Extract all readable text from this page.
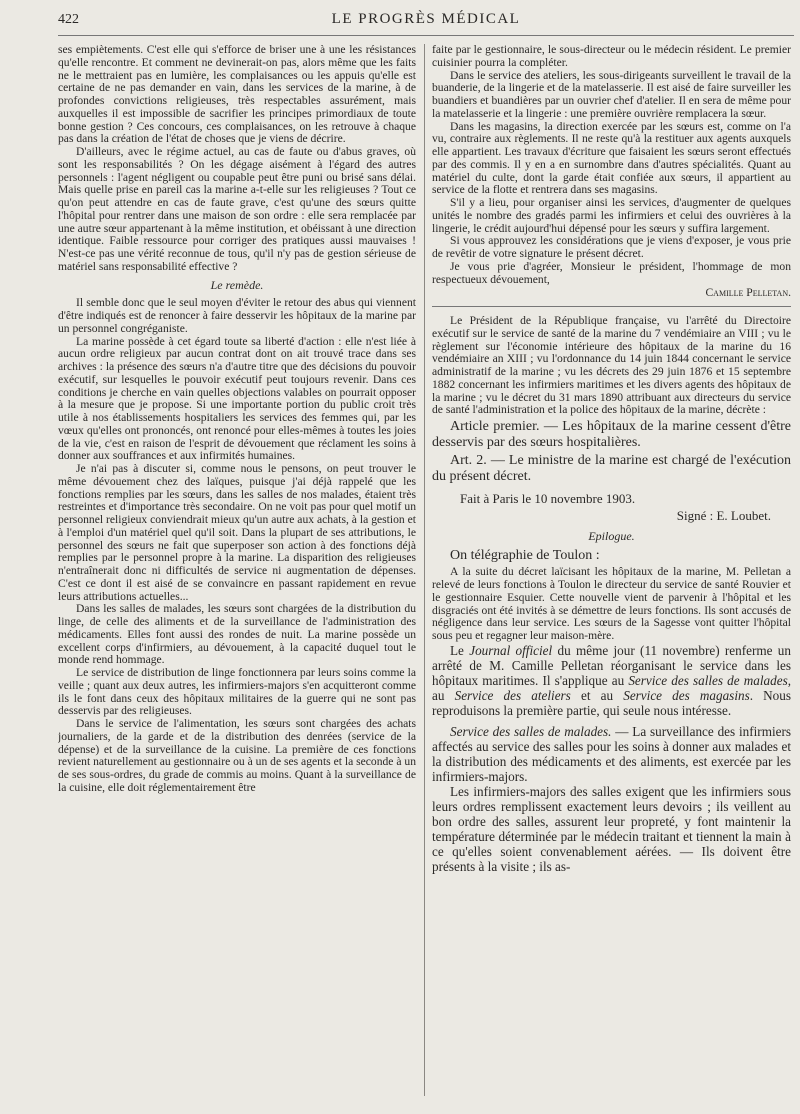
422	LE PROGRÈS MÉDICAL

ses empiètements. C'est elle qui s'efforce de briser une à une les résistances qu'elle rencontre. Et comment ne devinerait-on pas, alors même que les faits ne le mettraient pas en lumière, les complaisances ou les appuis qu'elle est certaine de ne pas demander en vain, dans les services de la marine, à de profondes convictions religieuses, très respectables assurément, mais auxquelles il est impossible de sacrifier les principes primordiaux de toute bonne gestion ? Ces concours, ces complaisances, on les retrouve à chaque pas dans la création de l'état de choses que je viens de décrire.

D'ailleurs, avec le régime actuel, au cas de faute ou d'abus graves, où sont les responsabilités ? On les dégage aisément à l'égard des autres personnels : l'agent négligent ou coupable peut être puni ou brisé sans délai. Mais quelle prise en pareil cas la marine a-t-elle sur les religieuses ? Tout ce qu'on peut attendre en cas de faute grave, c'est qu'une des sœurs quitte l'hôpital pour rentrer dans une maison de son ordre : elle sera remplacée par une autre sœur appartenant à la même institution, et obéissant à une direction identique. Faible ressource pour corriger des pratiques aussi mauvaises ! N'est-ce pas une vérité reconnue de tous, qu'il n'y pas de gestion sérieuse de matériel sans responsabilité effective ?

Le remède.

Il semble donc que le seul moyen d'éviter le retour des abus qui viennent d'être indiqués est de renoncer à faire desservir les hôpitaux de la marine par un personnel congréganiste.

La marine possède à cet égard toute sa liberté d'action : elle n'est liée à aucun ordre religieux par aucun contrat dont on ait trouvé trace dans ses archives : la présence des sœurs n'a d'autre titre que des décisions du pouvoir exécutif, sur lesquelles le pouvoir exécutif peut toujours revenir. Dans ces conditions je cherche en vain quelles objections valables on pourrait opposer à la mesure que je propose. Si une importante portion du public croit très utile à nos établissements hospitaliers les services des femmes qui, par les vœux qu'elles ont prononcés, ont renoncé pour elles-mêmes à toutes les joies de la vie, c'est en raison de l'esprit de dévouement que réclament les soins à donner aux souffrances et aux infirmités humaines.

Je n'ai pas à discuter si, comme nous le pensons, on peut trouver le même dévouement chez des laïques, puisque j'ai déjà rappelé que les fonctions remplies par les sœurs, dans les salles de nos malades, étaient très restreintes et d'importance très secondaire. On ne voit pas pour quel motif un personnel religieux conviendrait mieux qu'un autre aux achats, à la gestion et à l'emploi d'un matériel quel qu'il soit. Dans la plupart de ses attributions, le personnel des sœurs ne fait que superposer son action à des fonctions déjà remplies par le personnel propre à la marine. La disparition des religieuses n'entraînerait donc ni difficultés de service ni augmentation de dépenses. C'est ce dont il est aisé de se convaincre en passant rapidement en revue leurs attributions actuelles...

Dans les salles de malades, les sœurs sont chargées de la distribution du linge, de celle des aliments et de la surveillance de l'administration des médicaments. Elles font aussi des rondes de nuit. La marine possède un excellent corps d'infirmiers, au dévouement, à la capacité duquel tout le monde rend hommage.

Le service de distribution de linge fonctionnera par leurs soins comme la veille ; quant aux deux autres, les infirmiers-majors s'en acquitteront comme ils le font dans ceux des hôpitaux militaires de la guerre qui ne sont pas desservis par des religieuses.

Dans le service de l'alimentation, les sœurs sont chargées des achats journaliers, de la garde et de la distribution des denrées (service de la dépense) et de la surveillance de la cuisine. La première de ces fonctions revient naturellement au gestionnaire ou à un de ses agents et la seconde à un de ses sous-ordres, du grade de commis au moins. Quant à la surveillance de la cuisine, elle doit réglementairement être

faite par le gestionnaire, le sous-directeur ou le médecin résident. Le premier cuisinier pourra la compléter.

Dans le service des ateliers, les sous-dirigeants surveillent le travail de la buanderie, de la lingerie et de la matelasserie. Il est aisé de faire surveiller les buandiers et buandières par un ouvrier chef d'atelier. Il en sera de même pour la matelasserie et la lingerie : une première ouvrière remplacera la sœur.

Dans les magasins, la direction exercée par les sœurs est, comme on l'a vu, contraire aux règlements. Il ne reste qu'à la restituer aux agents auxquels elle appartient. Les travaux d'écriture que faisaient les sœurs seront effectués par des commis. Il y en a en surnombre dans d'autres spécialités. Quant au matériel du culte, dont la garde était confiée aux sœurs, il appartient au service de la flotte et rentrera dans ses magasins.

S'il y a lieu, pour organiser ainsi les services, d'augmenter de quelques unités le nombre des gradés parmi les infirmiers et celui des ouvrières à la lingerie, le crédit aujourd'hui dépensé pour les sœurs y suffira largement.

Si vous approuvez les considérations que je viens d'exposer, je vous prie de revêtir de votre signature le présent décret.

Je vous prie d'agréer, Monsieur le président, l'hommage de mon respectueux dévouement,

Camille Pelletan.

Le Président de la République française, vu l'arrêté du Directoire exécutif sur le service de santé de la marine du 7 vendémiaire an VIII ; vu le règlement sur l'économie intérieure des hôpitaux de la marine du 16 vendémiaire an XIII ; vu l'ordonnance du 14 juin 1844 concernant le service administratif de la marine ; vu les décrets des 29 juin 1876 et 15 septembre 1882 concernant les infirmiers maritimes et les divers agents des hôpitaux de la marine ; vu le décret du 31 mars 1890 attribuant aux directeurs du service de santé l'administration et la police des hôpitaux de la marine, décrète :

Article premier. — Les hôpitaux de la marine cessent d'être desservis par des sœurs hospitalières.

Art. 2. — Le ministre de la marine est chargé de l'exécution du présent décret.

Fait à Paris le 10 novembre 1903.

Signé : E. Loubet.

Epilogue.

On télégraphie de Toulon :

A la suite du décret laïcisant les hôpitaux de la marine, M. Pelletan a relevé de leurs fonctions à Toulon le directeur du service de santé Rouvier et le gestionnaire Esquier. Cette nouvelle vient de parvenir à l'hôpital et les disgraciés ont été invités à se démettre de leurs fonctions. Ils sont accusés de négligence dans leur service. Les sœurs de la Sagesse vont quitter l'hôpital sous peu et regagner leur maison-mère.

Le Journal officiel du même jour (11 novembre) renferme un arrêté de M. Camille Pelletan réorganisant le service dans les hôpitaux maritimes. Il s'applique au Service des salles de malades, au Service des ateliers et au Service des magasins. Nous reproduisons la première partie, qui seule nous intéresse.

Service des salles de malades. — La surveillance des infirmiers affectés au service des salles pour les soins à donner aux malades et la distribution des médicaments et des aliments, est exercée par les infirmiers-majors.

Les infirmiers-majors des salles exigent que les infirmiers sous leurs ordres remplissent exactement leurs devoirs ; ils veillent au bon ordre des salles, assurent leur propreté, y font maintenir la température déterminée par le médecin traitant et tiennent la main à ce qu'elles soient convenablement aérées. — Ils doivent être présents à la visite ; ils as-
